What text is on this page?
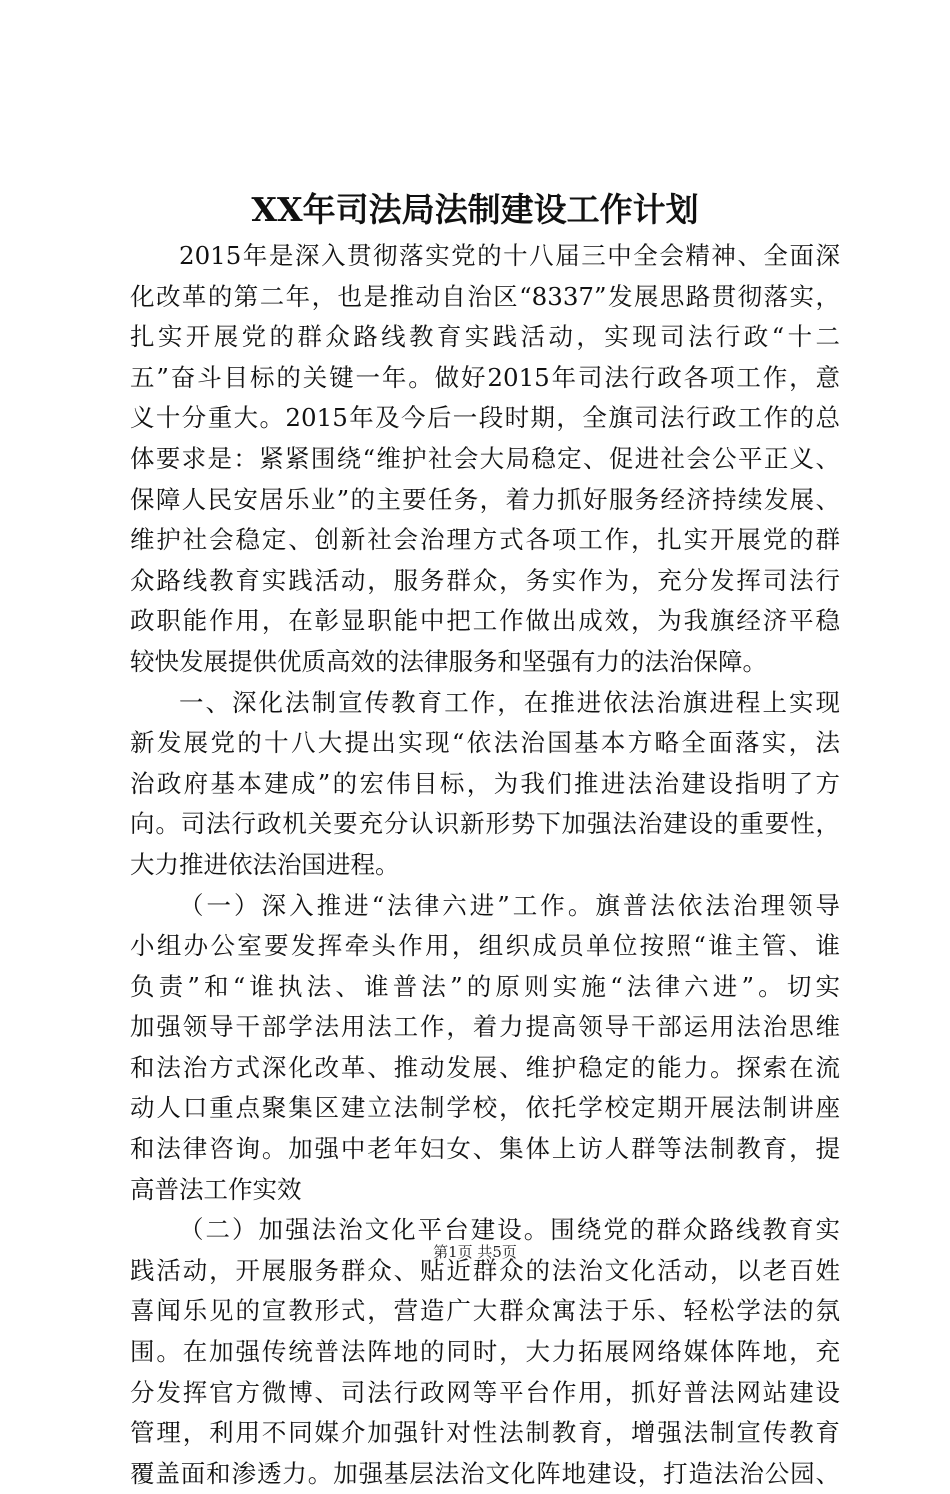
XX年司法局法制建设工作计划
2015年是深入贯彻落实党的十八届三中全会精神、全面深
化改革的第二年，也是推动自治区“8337”发展思路贯彻落实，
扎实开展党的群众路线教育实践活动，实现司法行政“十二
五”奋斗目标的关键一年。做好2015年司法行政各项工作，意
义十分重大。2015年及今后一段时期，全旗司法行政工作的总
体要求是：紧紧围绕“维护社会大局稳定、促进社会公平正义、
保障人民安居乐业”的主要任务，着力抓好服务经济持续发展、
维护社会稳定、创新社会治理方式各项工作，扎实开展党的群
众路线教育实践活动，服务群众，务实作为，充分发挥司法行
政职能作用，在彰显职能中把工作做出成效，为我旗经济平稳
较快发展提供优质高效的法律服务和坚强有力的法治保障。
一、深化法制宣传教育工作，在推进依法治旗进程上实现
新发展党的十八大提出实现“依法治国基本方略全面落实，法
治政府基本建成”的宏伟目标，为我们推进法治建设指明了方
向。司法行政机关要充分认识新形势下加强法治建设的重要性，
大力推进依法治国进程。
（一）深入推进“法律六进”工作。旗普法依法治理领导
小组办公室要发挥牵头作用，组织成员单位按照“谁主管、谁
负责”和“谁执法、谁普法”的原则实施“法律六进”。切实
加强领导干部学法用法工作，着力提高领导干部运用法治思维
和法治方式深化改革、推动发展、维护稳定的能力。探索在流
动人口重点聚集区建立法制学校，依托学校定期开展法制讲座
和法律咨询。加强中老年妇女、集体上访人群等法制教育，提
高普法工作实效
（二）加强法治文化平台建设。围绕党的群众路线教育实
践活动，开展服务群众、贴近群众的法治文化活动，以老百姓
喜闻乐见的宣教形式，营造广大群众寓法于乐、轻松学法的氛
围。在加强传统普法阵地的同时，大力拓展网络媒体阵地，充
分发挥官方微博、司法行政网等平台作用，抓好普法网站建设
管理，利用不同媒介加强针对性法制教育，增强法制宣传教育
覆盖面和渗透力。加强基层法治文化阵地建设，打造法治公园、
第1页 共5页
